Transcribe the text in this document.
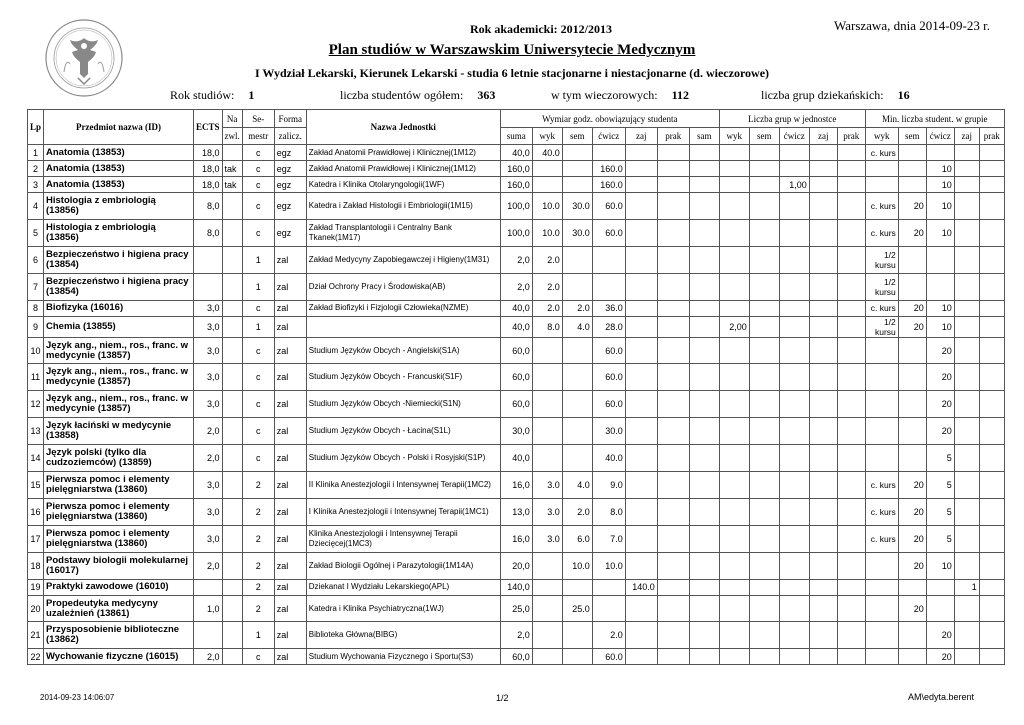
Rok akademicki: 2012/2013	Warszawa, dnia 2014-09-23 r.
Plan studiów w Warszawskim Uniwersytecie Medycznym
I Wydział Lekarski, Kierunek Lekarski - studia 6 letnie stacjonarne i niestacjonarne (d. wieczorowe)
Rok studiów: 1	liczba studentów ogółem: 363	w tym wieczorowych: 112	liczba grup dziekańskich: 16
Lp	Przedmiot nazwa (ID)	ECTS	Na	Se-	Forma	Nazwa Jednostki	Wymiar godz. obowiązujący studenta							Liczba grup w jednostce					Min. liczba student. w grupie				
			zwl.	mestr	zalicz.		suma	wyk	sem	ćwicz	zaj	prak	sam	wyk	sem	ćwicz	zaj	prak	wyk	sem	ćwicz	zaj	prak
1	Anatomia (13853)	18,0		c	egz	Zakład Anatomii Prawidłowej i Klinicznej(1M12)	40,0	40.0											c. kurs				
2	Anatomia (13853)	18,0	tak	c	egz	Zakład Anatomii Prawidłowej i Klinicznej(1M12)	160,0			160.0											10		
3	Anatomia (13853)	18,0	tak	c	egz	Katedra i Klinika Otolaryngologii(1WF)	160,0			160.0						1,00					10		
4	Histologia z embriologią (13856)	8,0		c	egz	Katedra i Zakład Histologii i Embriologii(1M15)	100,0	10.0	30.0	60.0									c. kurs	20	10		
5	Histologia z embriologią (13856)	8,0		c	egz	Zakład Transplantologii i Centralny Bank Tkanek(1M17)	100,0	10.0	30.0	60.0									c. kurs	20	10		
6	Bezpieczeństwo i higiena pracy (13854)			1	zal	Zakład Medycyny Zapobiegawczej i Higieny(1M31)	2,0	2.0											1/2 kursu				
7	Bezpieczeństwo i higiena pracy (13854)			1	zal	Dział Ochrony Pracy i Środowiska(AB)	2,0	2.0											1/2 kursu				
8	Biofizyka (16016)	3,0		c	zal	Zakład Biofizyki i Fizjologii Człowieka(NZME)	40,0	2.0	2.0	36.0									c. kurs	20	10		
9	Chemia (13855)	3,0		1	zal		40,0	8.0	4.0	28.0				2,00					1/2 kursu	20	10		
10	Język ang., niem., ros., franc. w medycynie (13857)	3,0		c	zal	Studium Języków Obcych - Angielski(S1A)	60,0			60.0											20		
11	Język ang., niem., ros., franc. w medycynie (13857)	3,0		c	zal	Studium Języków Obcych - Francuski(S1F)	60,0			60.0											20		
12	Język ang., niem., ros., franc. w medycynie (13857)	3,0		c	zal	Studium Języków Obcych -Niemiecki(S1N)	60,0			60.0											20		
13	Język łaciński w medycynie (13858)	2,0		c	zal	Studium Języków Obcych - Łacina(S1L)	30,0			30.0											20		
14	Język polski (tylko dla cudzoziemców) (13859)	2,0		c	zal	Studium Języków Obcych - Polski i Rosyjski(S1P)	40,0			40.0											5		
15	Pierwsza pomoc i elementy pielęgniarstwa (13860)	3,0		2	zal	II Klinika Anestezjologii i Intensywnej Terapii(1MC2)	16,0	3.0	4.0	9.0									c. kurs	20	5		
16	Pierwsza pomoc i elementy pielęgniarstwa (13860)	3,0		2	zal	I Klinika Anestezjologii i Intensywnej Terapii(1MC1)	13,0	3.0	2.0	8.0									c. kurs	20	5		
17	Pierwsza pomoc i elementy pielęgniarstwa (13860)	3,0		2	zal	Klinika Anestezjologii i Intensywnej Terapii Dziecięcej(1MC3)	16,0	3.0	6.0	7.0									c. kurs	20	5		
18	Podstawy biologii molekularnej (16017)	2,0		2	zal	Zakład Biologii Ogólnej i Parazytologii(1M14A)	20,0		10.0	10.0										20	10		
19	Praktyki zawodowe (16010)			2	zal	Dziekanat I Wydziału Lekarskiego(APL)	140,0				140.0											1	
20	Propedeutyka medycyny uzależnień (13861)	1,0		2	zal	Katedra i Klinika Psychiatryczna(1WJ)	25,0		25.0											20			
21	Przysposobienie biblioteczne (13862)			1	zal	Biblioteka Główna(BIBG)	2,0			2.0											20		
22	Wychowanie fizyczne (16015)	2,0		c	zal	Studium Wychowania Fizycznego i Sportu(S3)	60,0			60.0											20		
2014-09-23 14:06:07	1/2	AM\edyta.berent
